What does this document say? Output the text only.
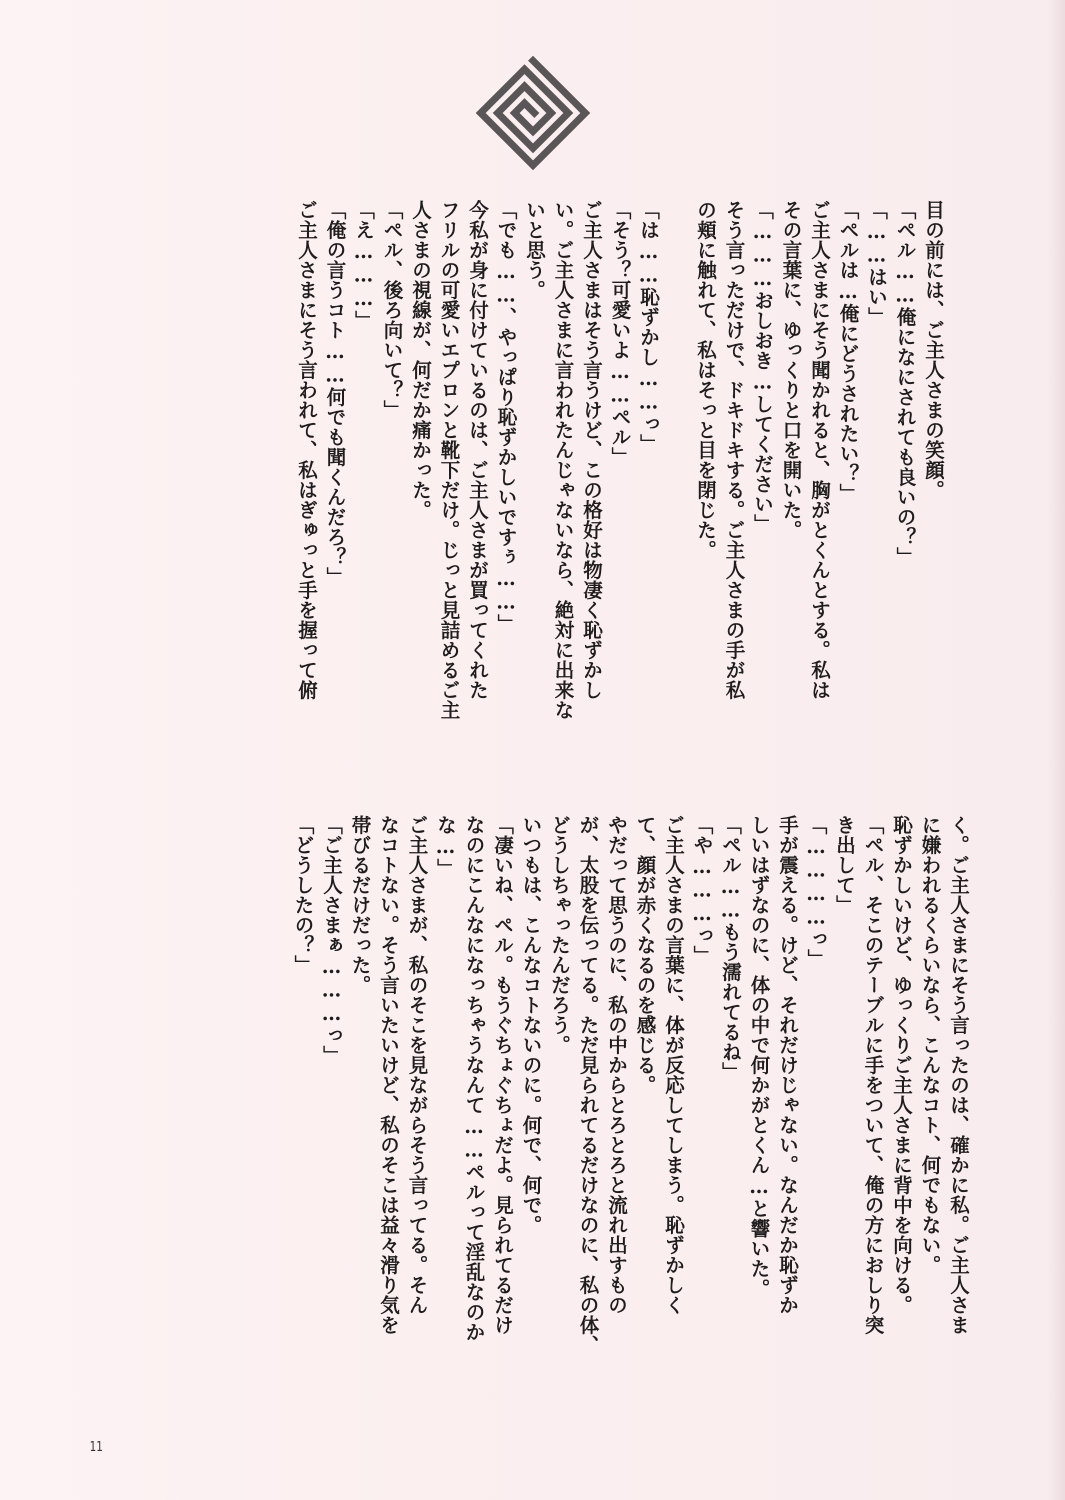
目の前には、ご主人さまの笑顔。
「ペル……俺になにされても良いの？」
「……はい」
「ペルは…俺にどうされたい？」
ご主人さまにそう聞かれると、胸がとくんとする。私は
その言葉に、ゆっくりと口を開いた。
「………おしおき…してください」
そう言っただけで、ドキドキする。ご主人さまの手が私
の頬に触れて、私はそっと目を閉じた。

「は……恥ずかし……っ」
「そう？可愛いよ……ペル」
ご主人さまはそう言うけど、この格好は物凄く恥ずかし
い。ご主人さまに言われたんじゃないなら、絶対に出来な
いと思う。
「でも……、やっぱり恥ずかしいですぅ……」
今私が身に付けているのは、ご主人さまが買ってくれた
フリルの可愛いエプロンと靴下だけ。じっと見詰めるご主
人さまの視線が、何だか痛かった。
「ペル、後ろ向いて？」
「え………」
「俺の言うコト……何でも聞くんだろ？」
ご主人さまにそう言われて、私はぎゅっと手を握って俯
く。ご主人さまにそう言ったのは、確かに私。ご主人さま
に嫌われるくらいなら、こんなコト、何でもない。
恥ずかしいけど、ゆっくりご主人さまに背中を向ける。
「ペル、そこのテーブルに手をついて、俺の方におしり突
き出して」
「…………っ」
手が震える。けど、それだけじゃない。なんだか恥ずか
しいはずなのに、体の中で何かがとくん…と響いた。
「ペル……もう濡れてるね」
「や………っ」
ご主人さまの言葉に、体が反応してしまう。恥ずかしく
て、顔が赤くなるのを感じる。
やだって思うのに、私の中からとろとろと流れ出すもの
が、太股を伝ってる。ただ見られてるだけなのに、私の体、
どうしちゃったんだろう。
いつもは、こんなコトないのに。何で、何で。
「凄いね、ペル。もうぐちょぐちょだよ。見られてるだけ
なのにこんなになっちゃうなんて……ペルって淫乱なのか
な…」
ご主人さまが、私のそこを見ながらそう言ってる。そん
なコトない。そう言いたいけど、私のそこは益々滑り気を
帯びるだけだった。
「ご主人さまぁ………っ」
「どうしたの？」
11
